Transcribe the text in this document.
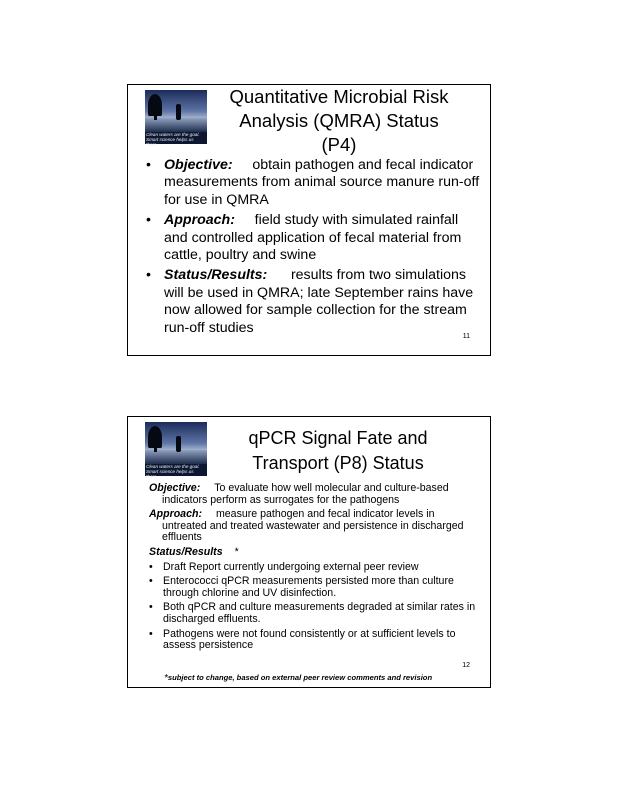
Clean waters are the goal. Smart science helps us there.
Quantitative Microbial Risk
Analysis (QMRA) Status
(P4)
• Objective: obtain pathogen and fecal indicator measurements from animal source manure run-off for use in QMRA
• Approach: field study with simulated rainfall and controlled application of fecal material from cattle, poultry and swine
• Status/Results: results from two simulations will be used in QMRA; late September rains have now allowed for sample collection for the stream run-off studies
11
Clean waters are the goal. Smart science helps us there.
qPCR Signal Fate and
Transport (P8) Status

Objective: To evaluate how well molecular and culture-based indicators perform as surrogates for the pathogens

Approach: measure pathogen and fecal indicator levels in untreated and treated wastewater and persistence in discharged effluents

Status/Results *
• Draft Report currently undergoing external peer review
• Enterococci qPCR measurements persisted more than culture through chlorine and UV disinfection.
• Both qPCR and culture measurements degraded at similar rates in discharged effluents.
• Pathogens were not found consistently or at sufficient levels to assess persistence
12
*subject to change, based on external peer review comments and revision
